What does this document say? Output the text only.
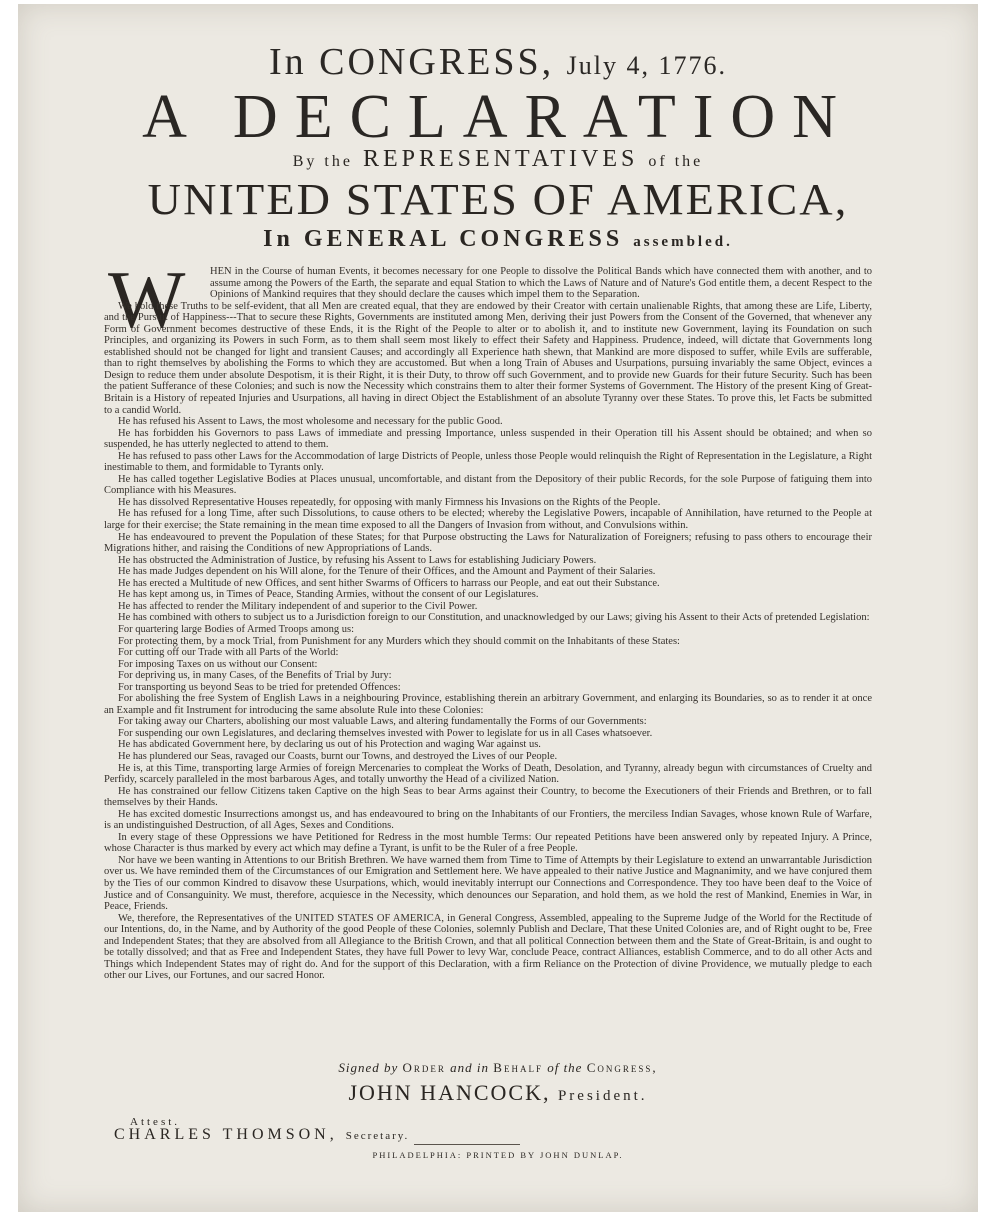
In CONGRESS, July 4, 1776.
A DECLARATION
By the REPRESENTATIVES of the
UNITED STATES OF AMERICA,
In GENERAL CONGRESS assembled.
W	HEN in the Course of human Events, it becomes necessary for one People to dissolve the Political Bands which have connected them with another, and to assume among the Powers of the Earth, the separate and equal Station to which the Laws of Nature and of Nature's God entitle them, a decent Respect to the Opinions of Mankind requires that they should declare the causes which impel them to the Separation.

We hold these Truths to be self-evident, that all Men are created equal, that they are endowed by their Creator with certain unalienable Rights, that among these are Life, Liberty, and the Pursuit of Happiness---That to secure these Rights, Governments are instituted among Men, deriving their just Powers from the Consent of the Governed, that whenever any Form of Government becomes destructive of these Ends, it is the Right of the People to alter or to abolish it, and to institute new Government, laying its Foundation on such Principles, and organizing its Powers in such Form, as to them shall seem most likely to effect their Safety and Happiness. Prudence, indeed, will dictate that Governments long established should not be changed for light and transient Causes; and accordingly all Experience hath shewn, that Mankind are more disposed to suffer, while Evils are sufferable, than to right themselves by abolishing the Forms to which they are accustomed. But when a long Train of Abuses and Usurpations, pursuing invariably the same Object, evinces a Design to reduce them under absolute Despotism, it is their Right, it is their Duty, to throw off such Government, and to provide new Guards for their future Security. Such has been the patient Sufferance of these Colonies; and such is now the Necessity which constrains them to alter their former Systems of Government. The History of the present King of Great-Britain is a History of repeated Injuries and Usurpations, all having in direct Object the Establishment of an absolute Tyranny over these States. To prove this, let Facts be submitted to a candid World.

He has refused his Assent to Laws, the most wholesome and necessary for the public Good.

He has forbidden his Governors to pass Laws of immediate and pressing Importance, unless suspended in their Operation till his Assent should be obtained; and when so suspended, he has utterly neglected to attend to them.

He has refused to pass other Laws for the Accommodation of large Districts of People, unless those People would relinquish the Right of Representation in the Legislature, a Right inestimable to them, and formidable to Tyrants only.

He has called together Legislative Bodies at Places unusual, uncomfortable, and distant from the Depository of their public Records, for the sole Purpose of fatiguing them into Compliance with his Measures.

He has dissolved Representative Houses repeatedly, for opposing with manly Firmness his Invasions on the Rights of the People.

He has refused for a long Time, after such Dissolutions, to cause others to be elected; whereby the Legislative Powers, incapable of Annihilation, have returned to the People at large for their exercise; the State remaining in the mean time exposed to all the Dangers of Invasion from without, and Convulsions within.

He has endeavoured to prevent the Population of these States; for that Purpose obstructing the Laws for Naturalization of Foreigners; refusing to pass others to encourage their Migrations hither, and raising the Conditions of new Appropriations of Lands.

He has obstructed the Administration of Justice, by refusing his Assent to Laws for establishing Judiciary Powers.

He has made Judges dependent on his Will alone, for the Tenure of their Offices, and the Amount and Payment of their Salaries.

He has erected a Multitude of new Offices, and sent hither Swarms of Officers to harrass our People, and eat out their Substance.

He has kept among us, in Times of Peace, Standing Armies, without the consent of our Legislatures.

He has affected to render the Military independent of and superior to the Civil Power.

He has combined with others to subject us to a Jurisdiction foreign to our Constitution, and unacknowledged by our Laws; giving his Assent to their Acts of pretended Legislation:

For quartering large Bodies of Armed Troops among us:

For protecting them, by a mock Trial, from Punishment for any Murders which they should commit on the Inhabitants of these States:

For cutting off our Trade with all Parts of the World:

For imposing Taxes on us without our Consent:

For depriving us, in many Cases, of the Benefits of Trial by Jury:

For transporting us beyond Seas to be tried for pretended Offences:

For abolishing the free System of English Laws in a neighbouring Province, establishing therein an arbitrary Government, and enlarging its Boundaries, so as to render it at once an Example and fit Instrument for introducing the same absolute Rule into these Colonies:

For taking away our Charters, abolishing our most valuable Laws, and altering fundamentally the Forms of our Governments:

For suspending our own Legislatures, and declaring themselves invested with Power to legislate for us in all Cases whatsoever.

He has abdicated Government here, by declaring us out of his Protection and waging War against us.

He has plundered our Seas, ravaged our Coasts, burnt our Towns, and destroyed the Lives of our People.

He is, at this Time, transporting large Armies of foreign Mercenaries to compleat the Works of Death, Desolation, and Tyranny, already begun with circumstances of Cruelty and Perfidy, scarcely paralleled in the most barbarous Ages, and totally unworthy the Head of a civilized Nation.

He has constrained our fellow Citizens taken Captive on the high Seas to bear Arms against their Country, to become the Executioners of their Friends and Brethren, or to fall themselves by their Hands.

He has excited domestic Insurrections amongst us, and has endeavoured to bring on the Inhabitants of our Frontiers, the merciless Indian Savages, whose known Rule of Warfare, is an undistinguished Destruction, of all Ages, Sexes and Conditions.

In every stage of these Oppressions we have Petitioned for Redress in the most humble Terms: Our repeated Petitions have been answered only by repeated Injury. A Prince, whose Character is thus marked by every act which may define a Tyrant, is unfit to be the Ruler of a free People.

Nor have we been wanting in Attentions to our British Brethren. We have warned them from Time to Time of Attempts by their Legislature to extend an unwarrantable Jurisdiction over us. We have reminded them of the Circumstances of our Emigration and Settlement here. We have appealed to their native Justice and Magnanimity, and we have conjured them by the Ties of our common Kindred to disavow these Usurpations, which, would inevitably interrupt our Connections and Correspondence. They too have been deaf to the Voice of Justice and of Consanguinity. We must, therefore, acquiesce in the Necessity, which denounces our Separation, and hold them, as we hold the rest of Mankind, Enemies in War, in Peace, Friends.

We, therefore, the Representatives of the UNITED STATES OF AMERICA, in General Congress, Assembled, appealing to the Supreme Judge of the World for the Rectitude of our Intentions, do, in the Name, and by Authority of the good People of these Colonies, solemnly Publish and Declare, That these United Colonies are, and of Right ought to be, Free and Independent States; that they are absolved from all Allegiance to the British Crown, and that all political Connection between them and the State of Great-Britain, is and ought to be totally dissolved; and that as Free and Independent States, they have full Power to levy War, conclude Peace, contract Alliances, establish Commerce, and to do all other Acts and Things which Independent States may of right do. And for the support of this Declaration, with a firm Reliance on the Protection of divine Providence, we mutually pledge to each other our Lives, our Fortunes, and our sacred Honor.

Signed by Order and in Behalf of the Congress,
JOHN HANCOCK, President.
Attest.
CHARLES THOMSON, Secretary.
PHILADELPHIA: PRINTED BY JOHN DUNLAP.
